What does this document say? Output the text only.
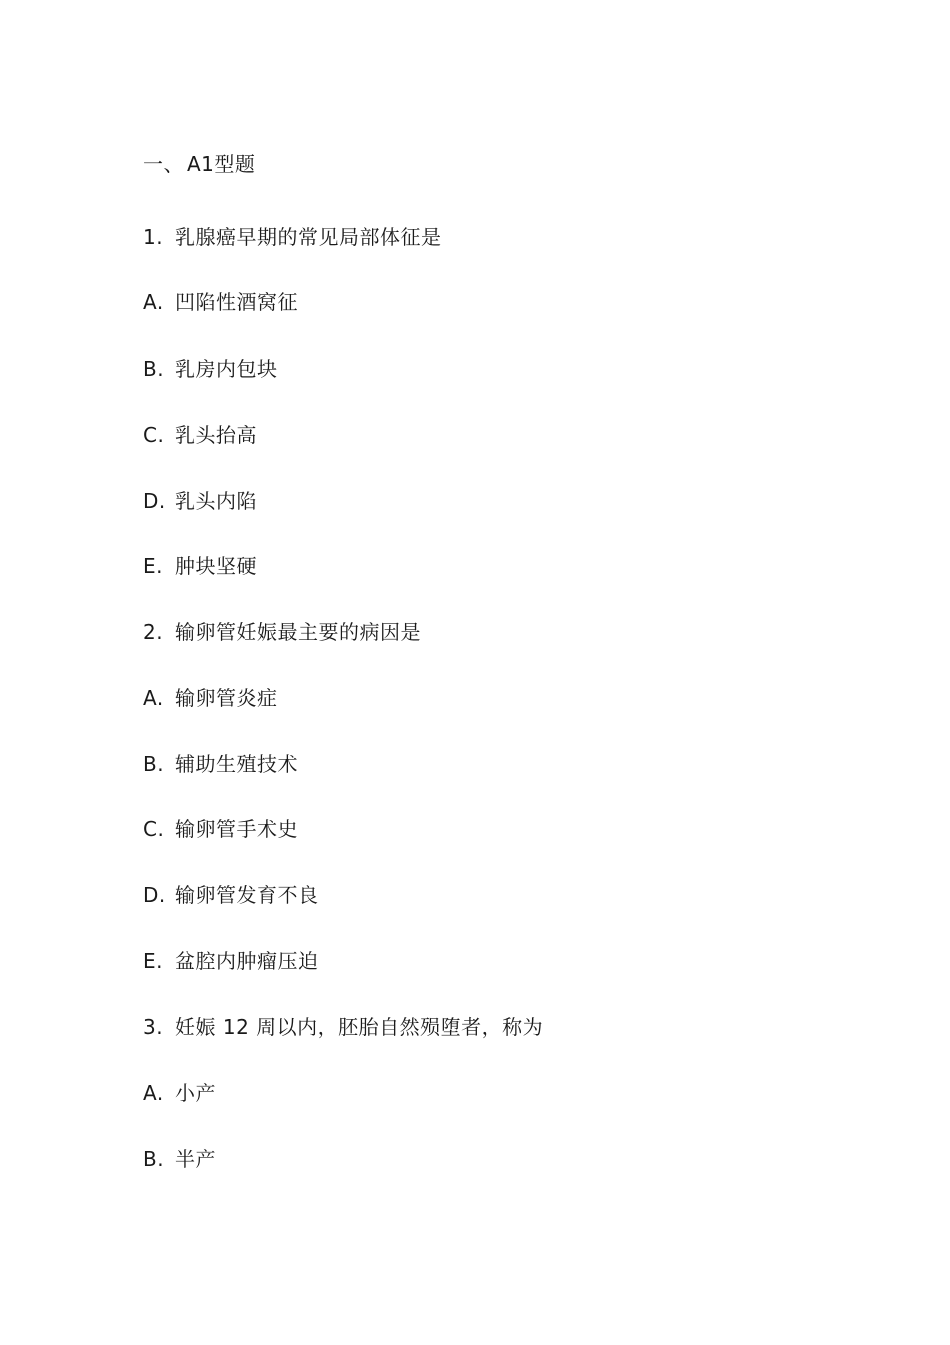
一、 A1型题
1. 乳腺癌早期的常见局部体征是
A. 凹陷性酒窝征
B. 乳房内包块
C. 乳头抬高
D. 乳头内陷
E. 肿块坚硬
2. 输卵管妊娠最主要的病因是
A. 输卵管炎症
B. 辅助生殖技术
C. 输卵管手术史
D. 输卵管发育不良
E. 盆腔内肿瘤压迫
3. 妊娠 12 周以内，胚胎自然殒堕者，称为
A. 小产
B. 半产
